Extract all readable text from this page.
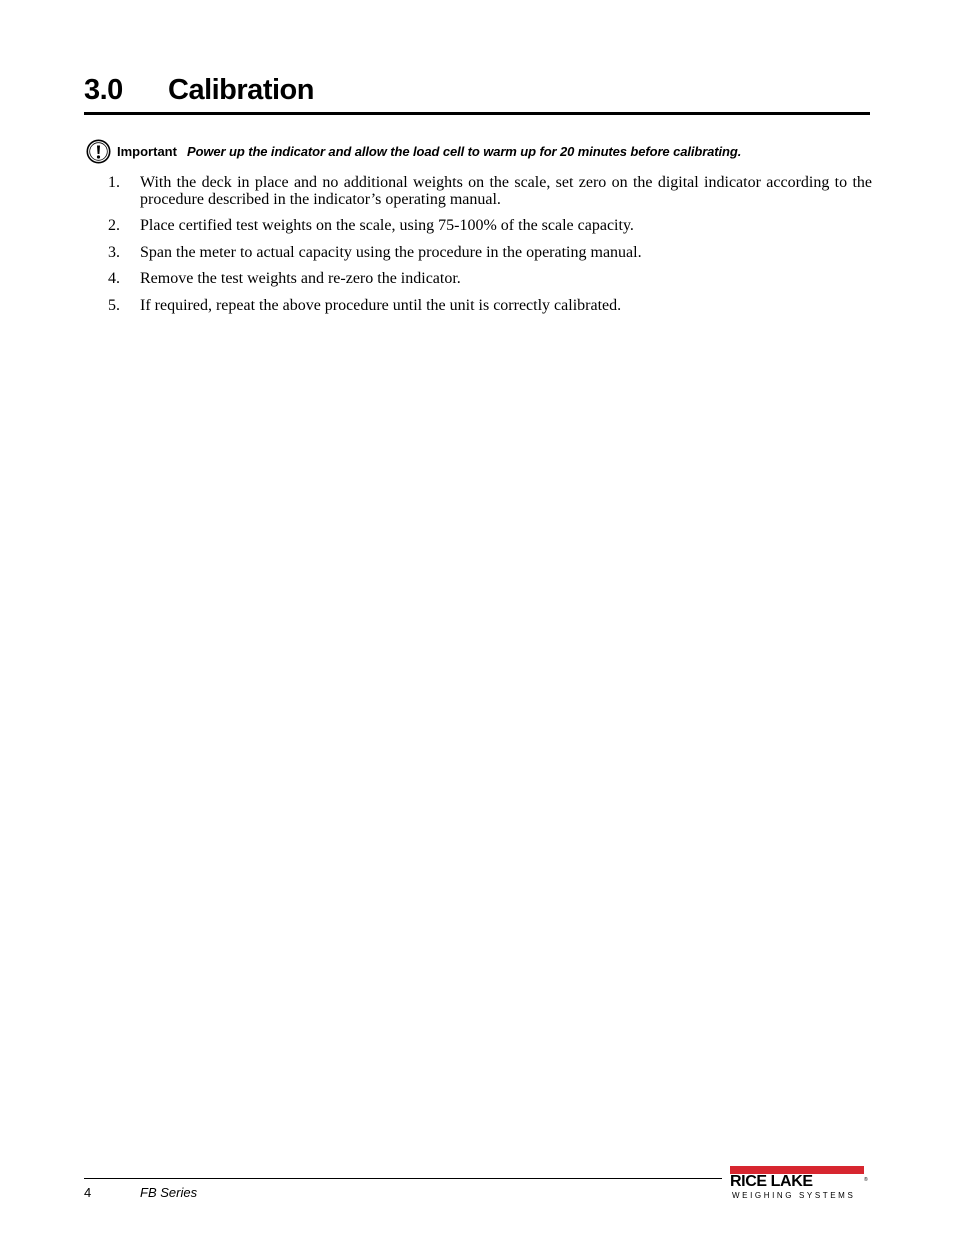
3.0	Calibration
Important Power up the indicator and allow the load cell to warm up for 20 minutes before calibrating.
1.	With the deck in place and no additional weights on the scale, set zero on the digital indicator according to the procedure described in the indicator’s operating manual.
2.	Place certified test weights on the scale, using 75-100% of the scale capacity.
3.	Span the meter to actual capacity using the procedure in the operating manual.
4.	Remove the test weights and re-zero the indicator.
5.	If required, repeat the above procedure until the unit is correctly calibrated.
4	FB Series
RICE LAKE	®
WEIGHING SYSTEMS
